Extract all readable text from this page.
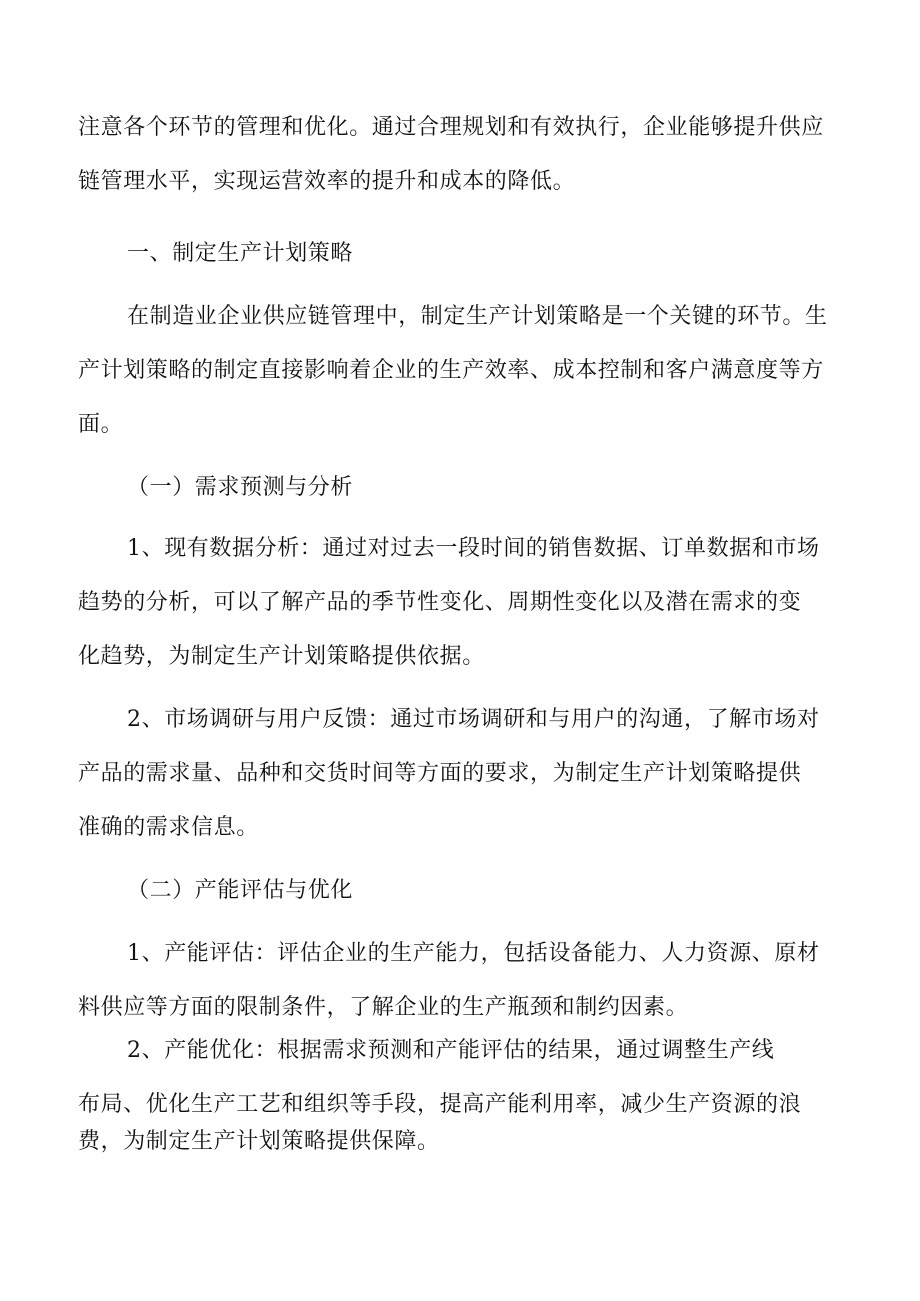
注意各个环节的管理和优化。通过合理规划和有效执行，企业能够提升供应
链管理水平，实现运营效率的提升和成本的降低。
一、制定生产计划策略
在制造业企业供应链管理中，制定生产计划策略是一个关键的环节。生
产计划策略的制定直接影响着企业的生产效率、成本控制和客户满意度等方
面。
（一）需求预测与分析
1、现有数据分析：通过对过去一段时间的销售数据、订单数据和市场
趋势的分析，可以了解产品的季节性变化、周期性变化以及潜在需求的变
化趋势，为制定生产计划策略提供依据。
2、市场调研与用户反馈：通过市场调研和与用户的沟通，了解市场对
产品的需求量、品种和交货时间等方面的要求，为制定生产计划策略提供
准确的需求信息。
（二）产能评估与优化
1、产能评估：评估企业的生产能力，包括设备能力、人力资源、原材
料供应等方面的限制条件，了解企业的生产瓶颈和制约因素。
2、产能优化：根据需求预测和产能评估的结果，通过调整生产线
布局、优化生产工艺和组织等手段，提高产能利用率，减少生产资源的浪
费，为制定生产计划策略提供保障。
